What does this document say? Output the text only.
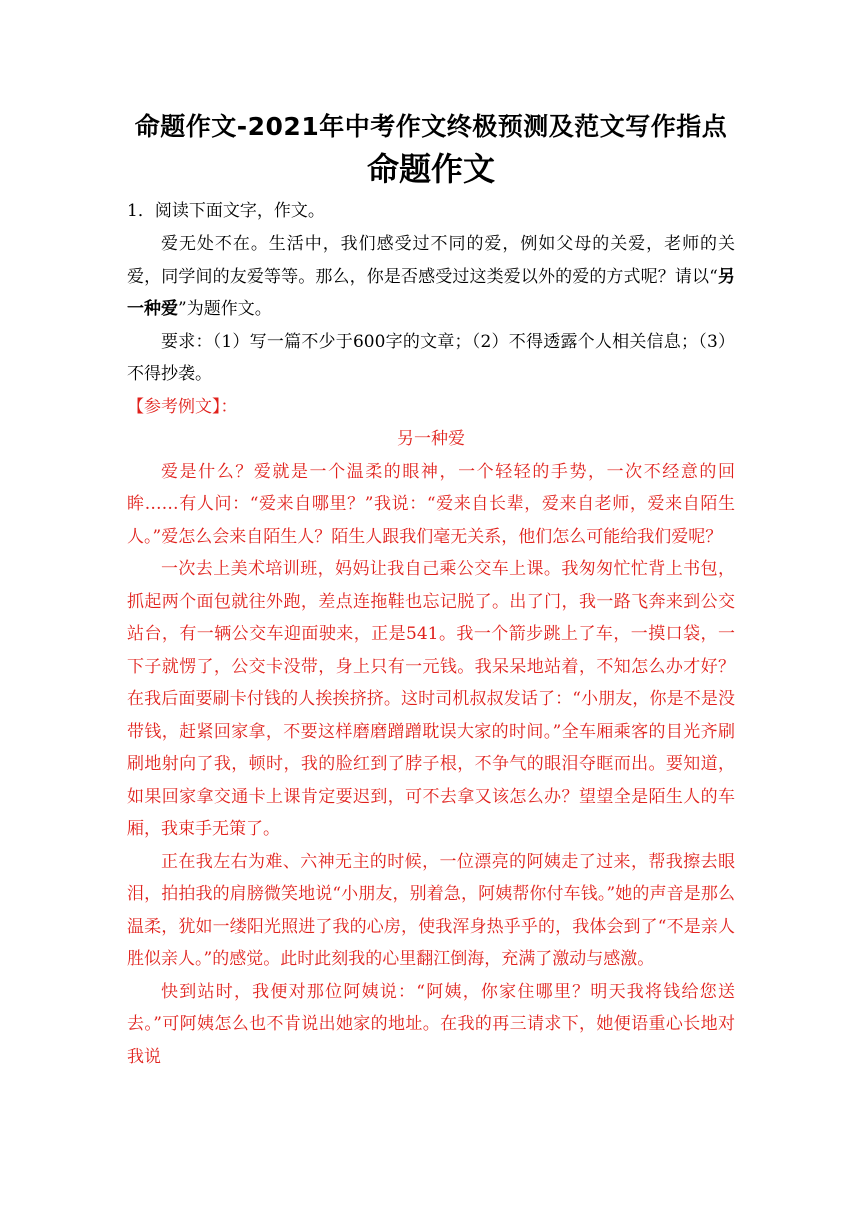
命题作文-2021年中考作文终极预测及范文写作指点
命题作文

1．阅读下面文字，作文。

爱无处不在。生活中，我们感受过不同的爱，例如父母的关爱，老师的关爱，同学间的友爱等等。那么，你是否感受过这类爱以外的爱的方式呢？请以“另一种爱”为题作文。

要求：（1）写一篇不少于600字的文章；（2）不得透露个人相关信息；（3）不得抄袭。

【参考例文】：

另一种爱

爱是什么？爱就是一个温柔的眼神，一个轻轻的手势，一次不经意的回眸……有人问：“爱来自哪里？”我说：“爱来自长辈，爱来自老师，爱来自陌生人。”爱怎么会来自陌生人？陌生人跟我们毫无关系，他们怎么可能给我们爱呢？

一次去上美术培训班，妈妈让我自己乘公交车上课。我匆匆忙忙背上书包，抓起两个面包就往外跑，差点连拖鞋也忘记脱了。出了门，我一路飞奔来到公交站台，有一辆公交车迎面驶来，正是541。我一个箭步跳上了车，一摸口袋，一下子就愣了，公交卡没带，身上只有一元钱。我呆呆地站着，不知怎么办才好？在我后面要刷卡付钱的人挨挨挤挤。这时司机叔叔发话了：“小朋友，你是不是没带钱，赶紧回家拿，不要这样磨磨蹭蹭耽误大家的时间。”全车厢乘客的目光齐刷刷地射向了我，顿时，我的脸红到了脖子根，不争气的眼泪夺眶而出。要知道，如果回家拿交通卡上课肯定要迟到，可不去拿又该怎么办？望望全是陌生人的车厢，我束手无策了。

正在我左右为难、六神无主的时候，一位漂亮的阿姨走了过来，帮我擦去眼泪，拍拍我的肩膀微笑地说“小朋友，别着急，阿姨帮你付车钱。”她的声音是那么温柔，犹如一缕阳光照进了我的心房，使我浑身热乎乎的，我体会到了“不是亲人胜似亲人。”的感觉。此时此刻我的心里翻江倒海，充满了激动与感激。

快到站时，我便对那位阿姨说：“阿姨，你家住哪里？明天我将钱给您送去。”可阿姨怎么也不肯说出她家的地址。在我的再三请求下，她便语重心长地对我说
